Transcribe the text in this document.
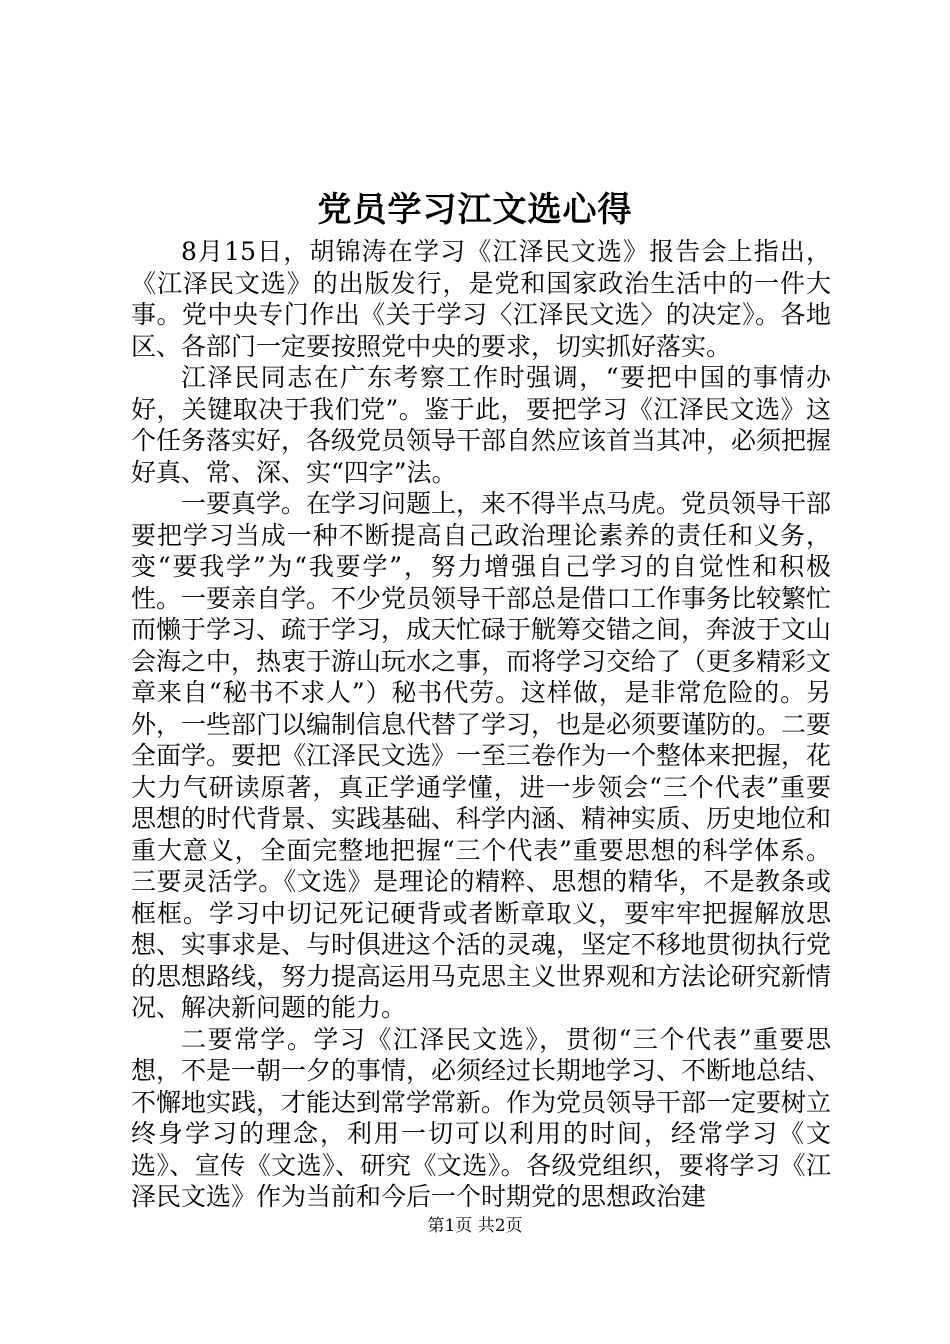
党员学习江文选心得

8月15日，胡锦涛在学习《江泽民文选》报告会上指出，《江泽民文选》的出版发行，是党和国家政治生活中的一件大事。党中央专门作出《关于学习〈江泽民文选〉的决定》。各地区、各部门一定要按照党中央的要求，切实抓好落实。

江泽民同志在广东考察工作时强调，“要把中国的事情办好，关键取决于我们党”。鉴于此，要把学习《江泽民文选》这个任务落实好，各级党员领导干部自然应该首当其冲，必须把握好真、常、深、实“四字”法。

一要真学。在学习问题上，来不得半点马虎。党员领导干部要把学习当成一种不断提高自己政治理论素养的责任和义务，变“要我学”为“我要学”，努力增强自己学习的自觉性和积极性。一要亲自学。不少党员领导干部总是借口工作事务比较繁忙而懒于学习、疏于学习，成天忙碌于觥筹交错之间，奔波于文山会海之中，热衷于游山玩水之事，而将学习交给了（更多精彩文章来自“秘书不求人”）秘书代劳。这样做，是非常危险的。另外，一些部门以编制信息代替了学习，也是必须要谨防的。二要全面学。要把《江泽民文选》一至三卷作为一个整体来把握，花大力气研读原著，真正学通学懂，进一步领会“三个代表”重要思想的时代背景、实践基础、科学内涵、精神实质、历史地位和重大意义，全面完整地把握“三个代表”重要思想的科学体系。三要灵活学。《文选》是理论的精粹、思想的精华，不是教条或框框。学习中切记死记硬背或者断章取义，要牢牢把握解放思想、实事求是、与时俱进这个活的灵魂，坚定不移地贯彻执行党的思想路线，努力提高运用马克思主义世界观和方法论研究新情况、解决新问题的能力。

二要常学。学习《江泽民文选》，贯彻“三个代表”重要思想，不是一朝一夕的事情，必须经过长期地学习、不断地总结、不懈地实践，才能达到常学常新。作为党员领导干部一定要树立终身学习的理念，利用一切可以利用的时间，经常学习《文选》、宣传《文选》、研究《文选》。各级党组织，要将学习《江泽民文选》作为当前和今后一个时期党的思想政治建

第1页 共2页
